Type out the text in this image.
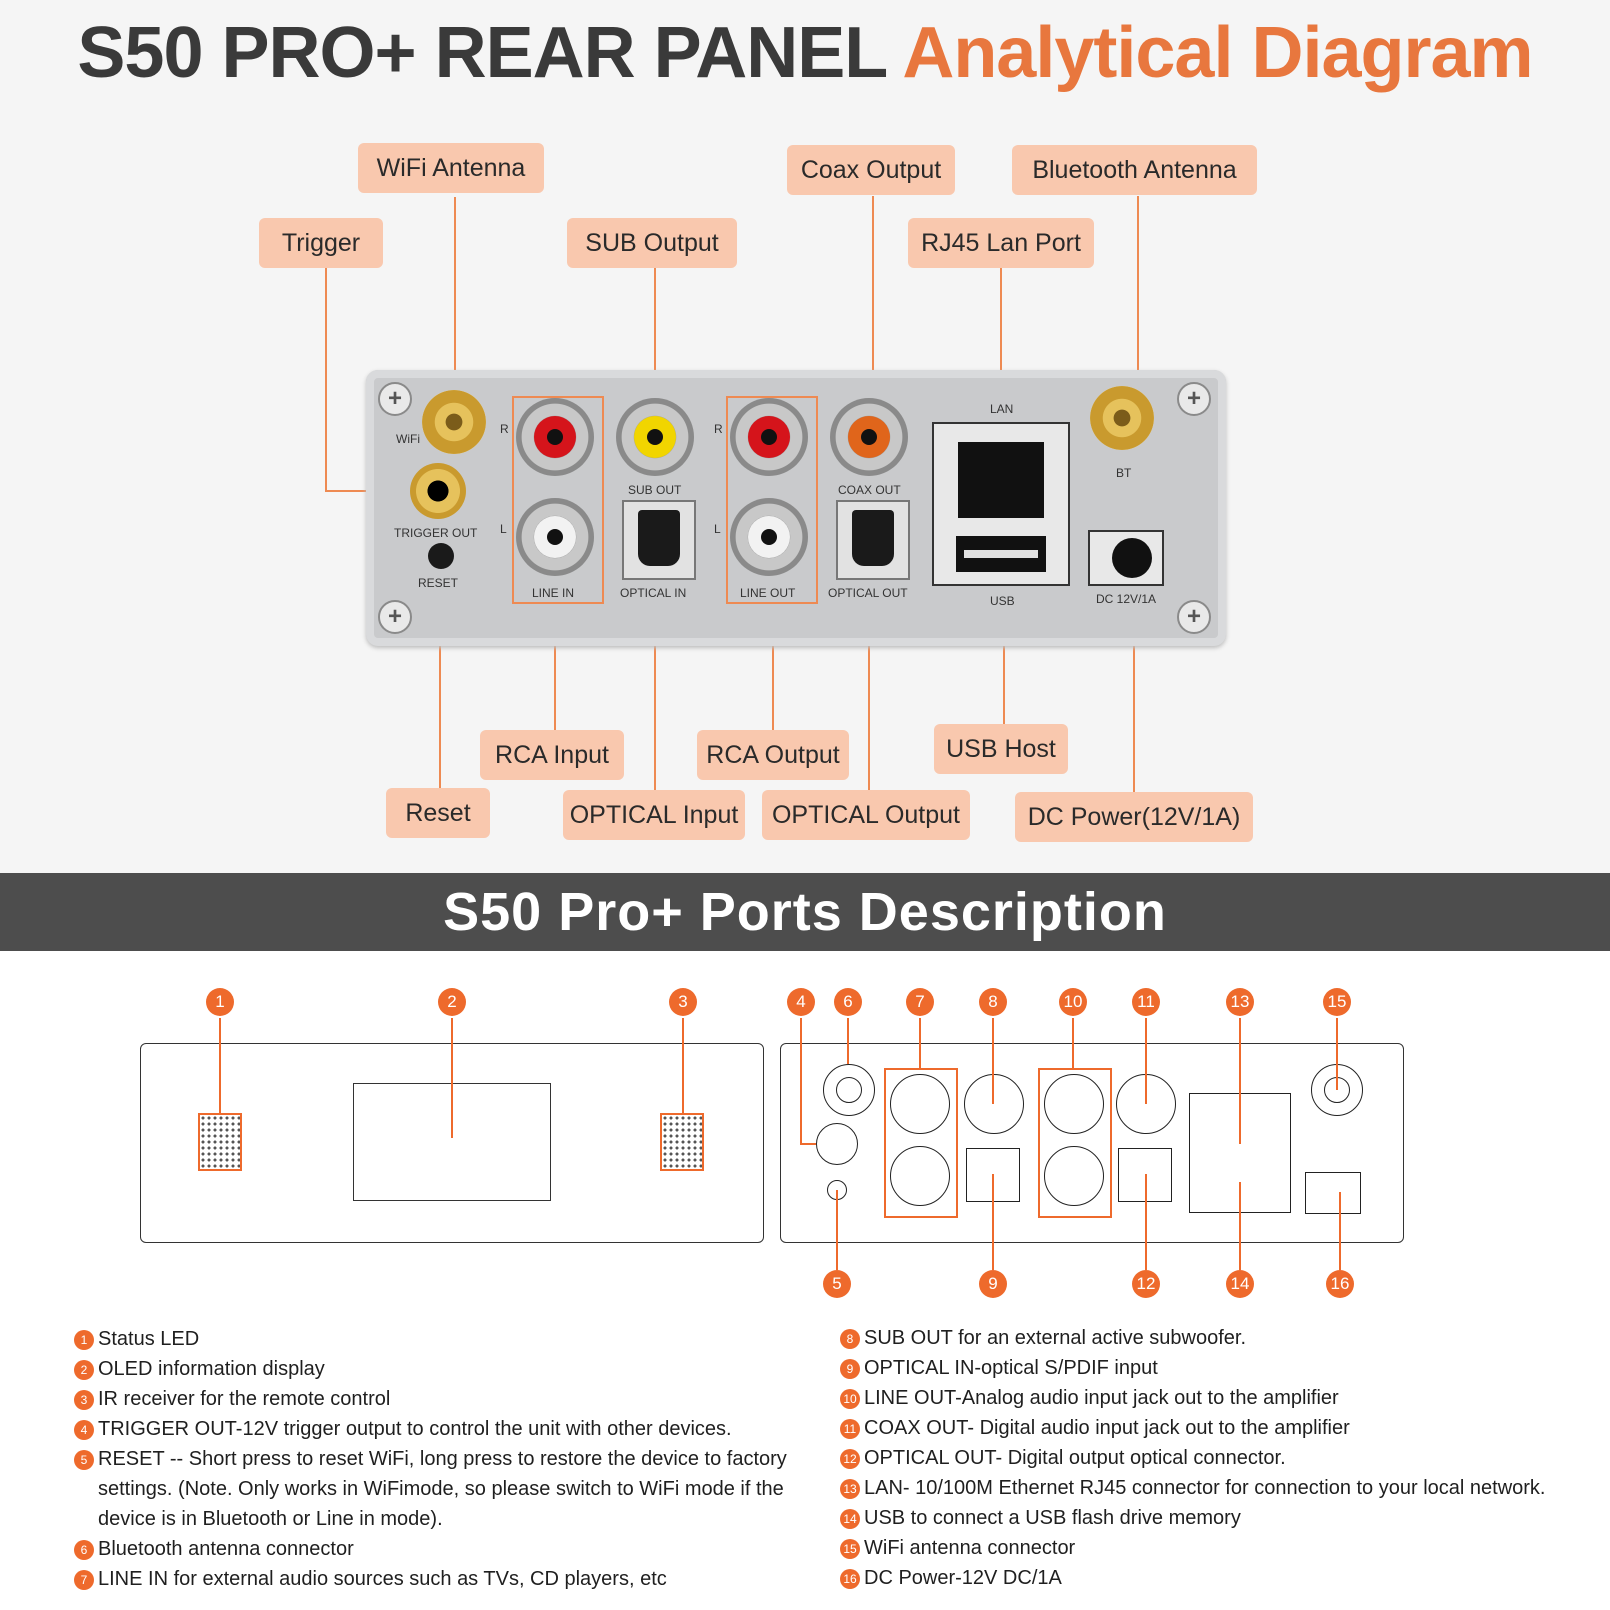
S50 PRO+ REAR PANEL Analytical Diagram
WiFi Antenna
Trigger	SUB Output
Coax Output	Bluetooth Antenna
RJ45 Lan Port
RCA Input	RCA Output	USB Host
Reset	OPTICAL Input	OPTICAL Output	DC Power(12V/1A)
+
+
+
+
WiFi
TRIGGER OUT
RESET
R
L
LINE IN
SUB OUT
OPTICAL IN
R
L
LINE OUT
COAX OUT
OPTICAL OUT
LAN
USB
BT
DC 12V/1A
S50 Pro+ Ports Description
1	2	3	4	6	7	8	10	11	13	15
5	9	12	14	16
1 Status LED
2 OLED information display
3 IR receiver for the remote control
4 TRIGGER OUT-12V trigger output to control the unit with other devices.
5 RESET -- Short press to reset WiFi, long press to restore the device to factory
settings. (Note. Only works in WiFimode, so please switch to WiFi mode if the
device is in Bluetooth or Line in mode).
6 Bluetooth antenna connector
7 LINE IN for external audio sources such as TVs, CD players, etc
8 SUB OUT for an external active subwoofer.
9 OPTICAL IN-optical S/PDIF input
10 LINE OUT-Analog audio input jack out to the amplifier
11 COAX OUT- Digital audio input jack out to the amplifier
12 OPTICAL OUT- Digital output optical connector.
13 LAN- 10/100M Ethernet RJ45 connector for connection to your local network.
14 USB to connect a USB flash drive memory
15 WiFi antenna connector
16 DC Power-12V DC/1A
